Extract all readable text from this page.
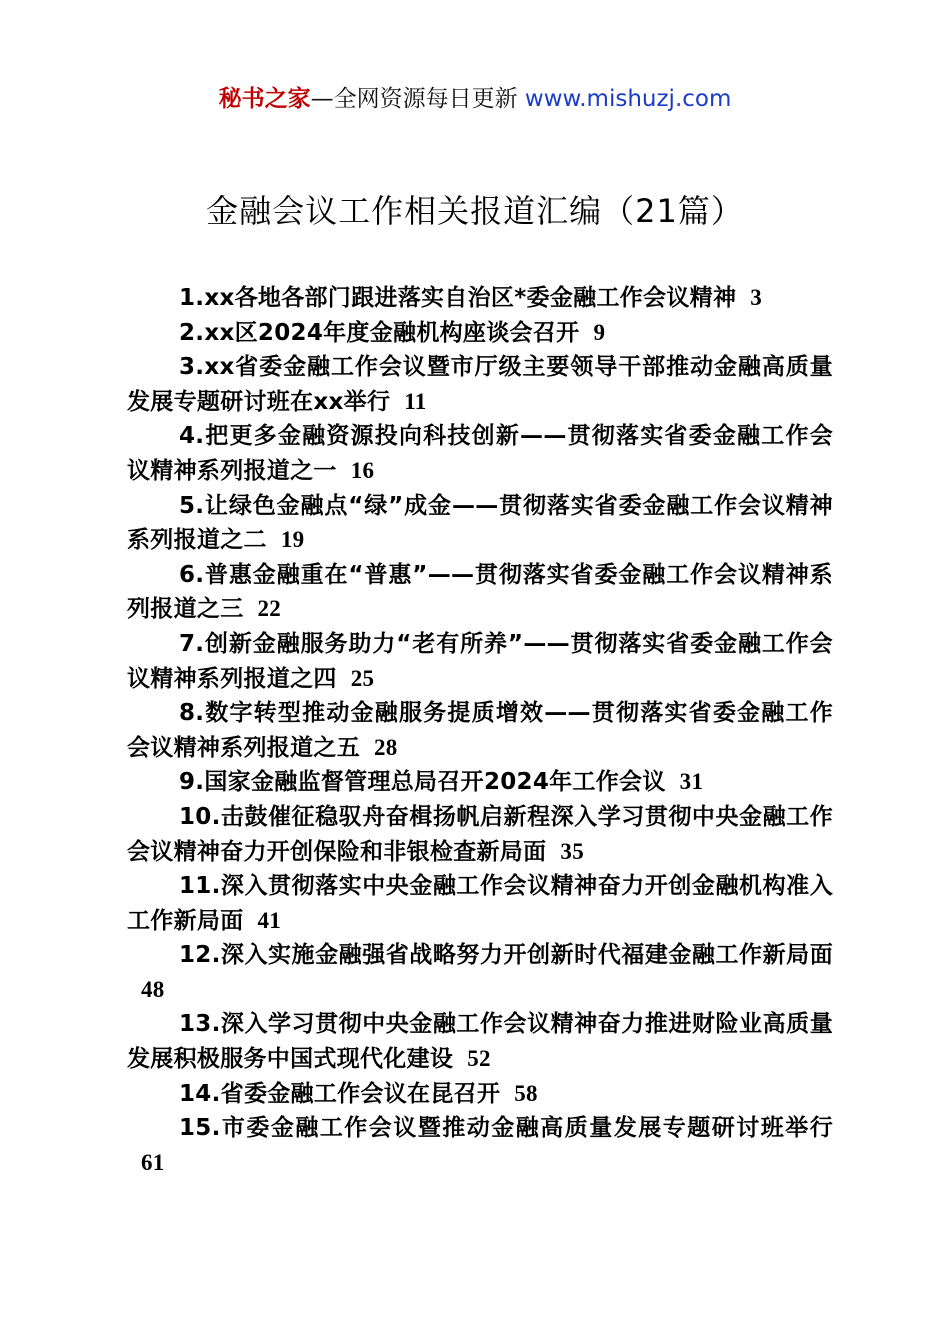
秘书之家—全网资源每日更新 www.mishuzj.com
金融会议工作相关报道汇编（21篇）
1.xx各地各部门跟进落实自治区*委金融工作会议精神 3
2.xx区2024年度金融机构座谈会召开 9
3.xx省委金融工作会议暨市厅级主要领导干部推动金融高质量发展专题研讨班在xx举行 11
4.把更多金融资源投向科技创新——贯彻落实省委金融工作会议精神系列报道之一 16
5.让绿色金融点“绿”成金——贯彻落实省委金融工作会议精神系列报道之二 19
6.普惠金融重在“普惠”——贯彻落实省委金融工作会议精神系列报道之三 22
7.创新金融服务助力“老有所养”——贯彻落实省委金融工作会议精神系列报道之四 25
8.数字转型推动金融服务提质增效——贯彻落实省委金融工作会议精神系列报道之五 28
9.国家金融监督管理总局召开2024年工作会议 31
10.击鼓催征稳驭舟奋楫扬帆启新程深入学习贯彻中央金融工作会议精神奋力开创保险和非银检查新局面 35
11.深入贯彻落实中央金融工作会议精神奋力开创金融机构准入工作新局面 41
12.深入实施金融强省战略努力开创新时代福建金融工作新局面48
13.深入学习贯彻中央金融工作会议精神奋力推进财险业高质量发展积极服务中国式现代化建设 52
14.省委金融工作会议在昆召开 58
15.市委金融工作会议暨推动金融高质量发展专题研讨班举行61
